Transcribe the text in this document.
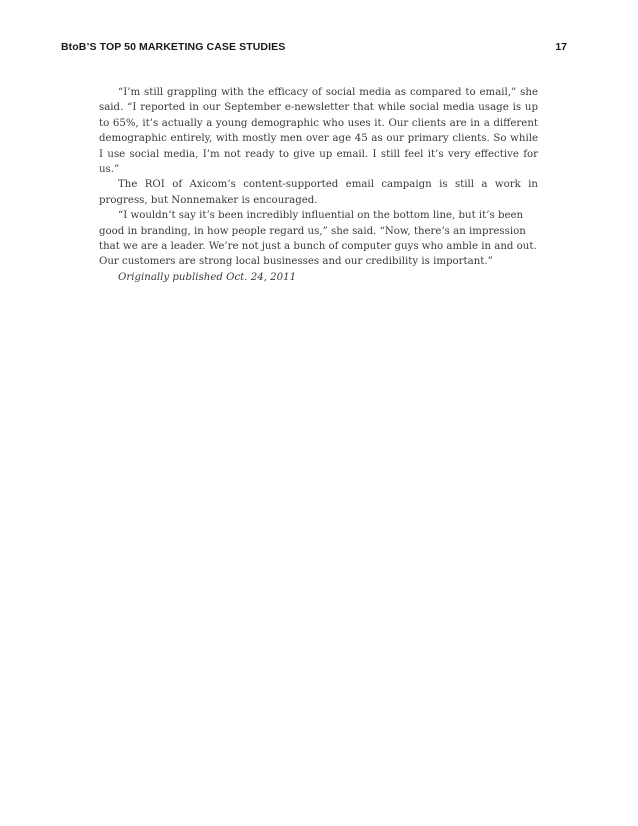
BtoB’S TOP 50 MARKETING CASE STUDIES	17

“I’m still grappling with the efficacy of social media as compared to email,” she said. “I reported in our September e-newsletter that while social media usage is up to 65%, it’s actually a young demographic who uses it. Our clients are in a different demographic entirely, with mostly men over age 45 as our primary clients. So while I use social media, I’m not ready to give up email. I still feel it’s very effective for us.”

The ROI of Axicom’s content-supported email campaign is still a work in progress, but Nonnemaker is encouraged.

“I wouldn’t say it’s been incredibly influential on the bottom line, but it’s been good in branding, in how people regard us,” she said. “Now, there’s an impression that we are a leader. We’re not just a bunch of computer guys who amble in and out. Our customers are strong local businesses and our credibility is important.”

Originally published Oct. 24, 2011
